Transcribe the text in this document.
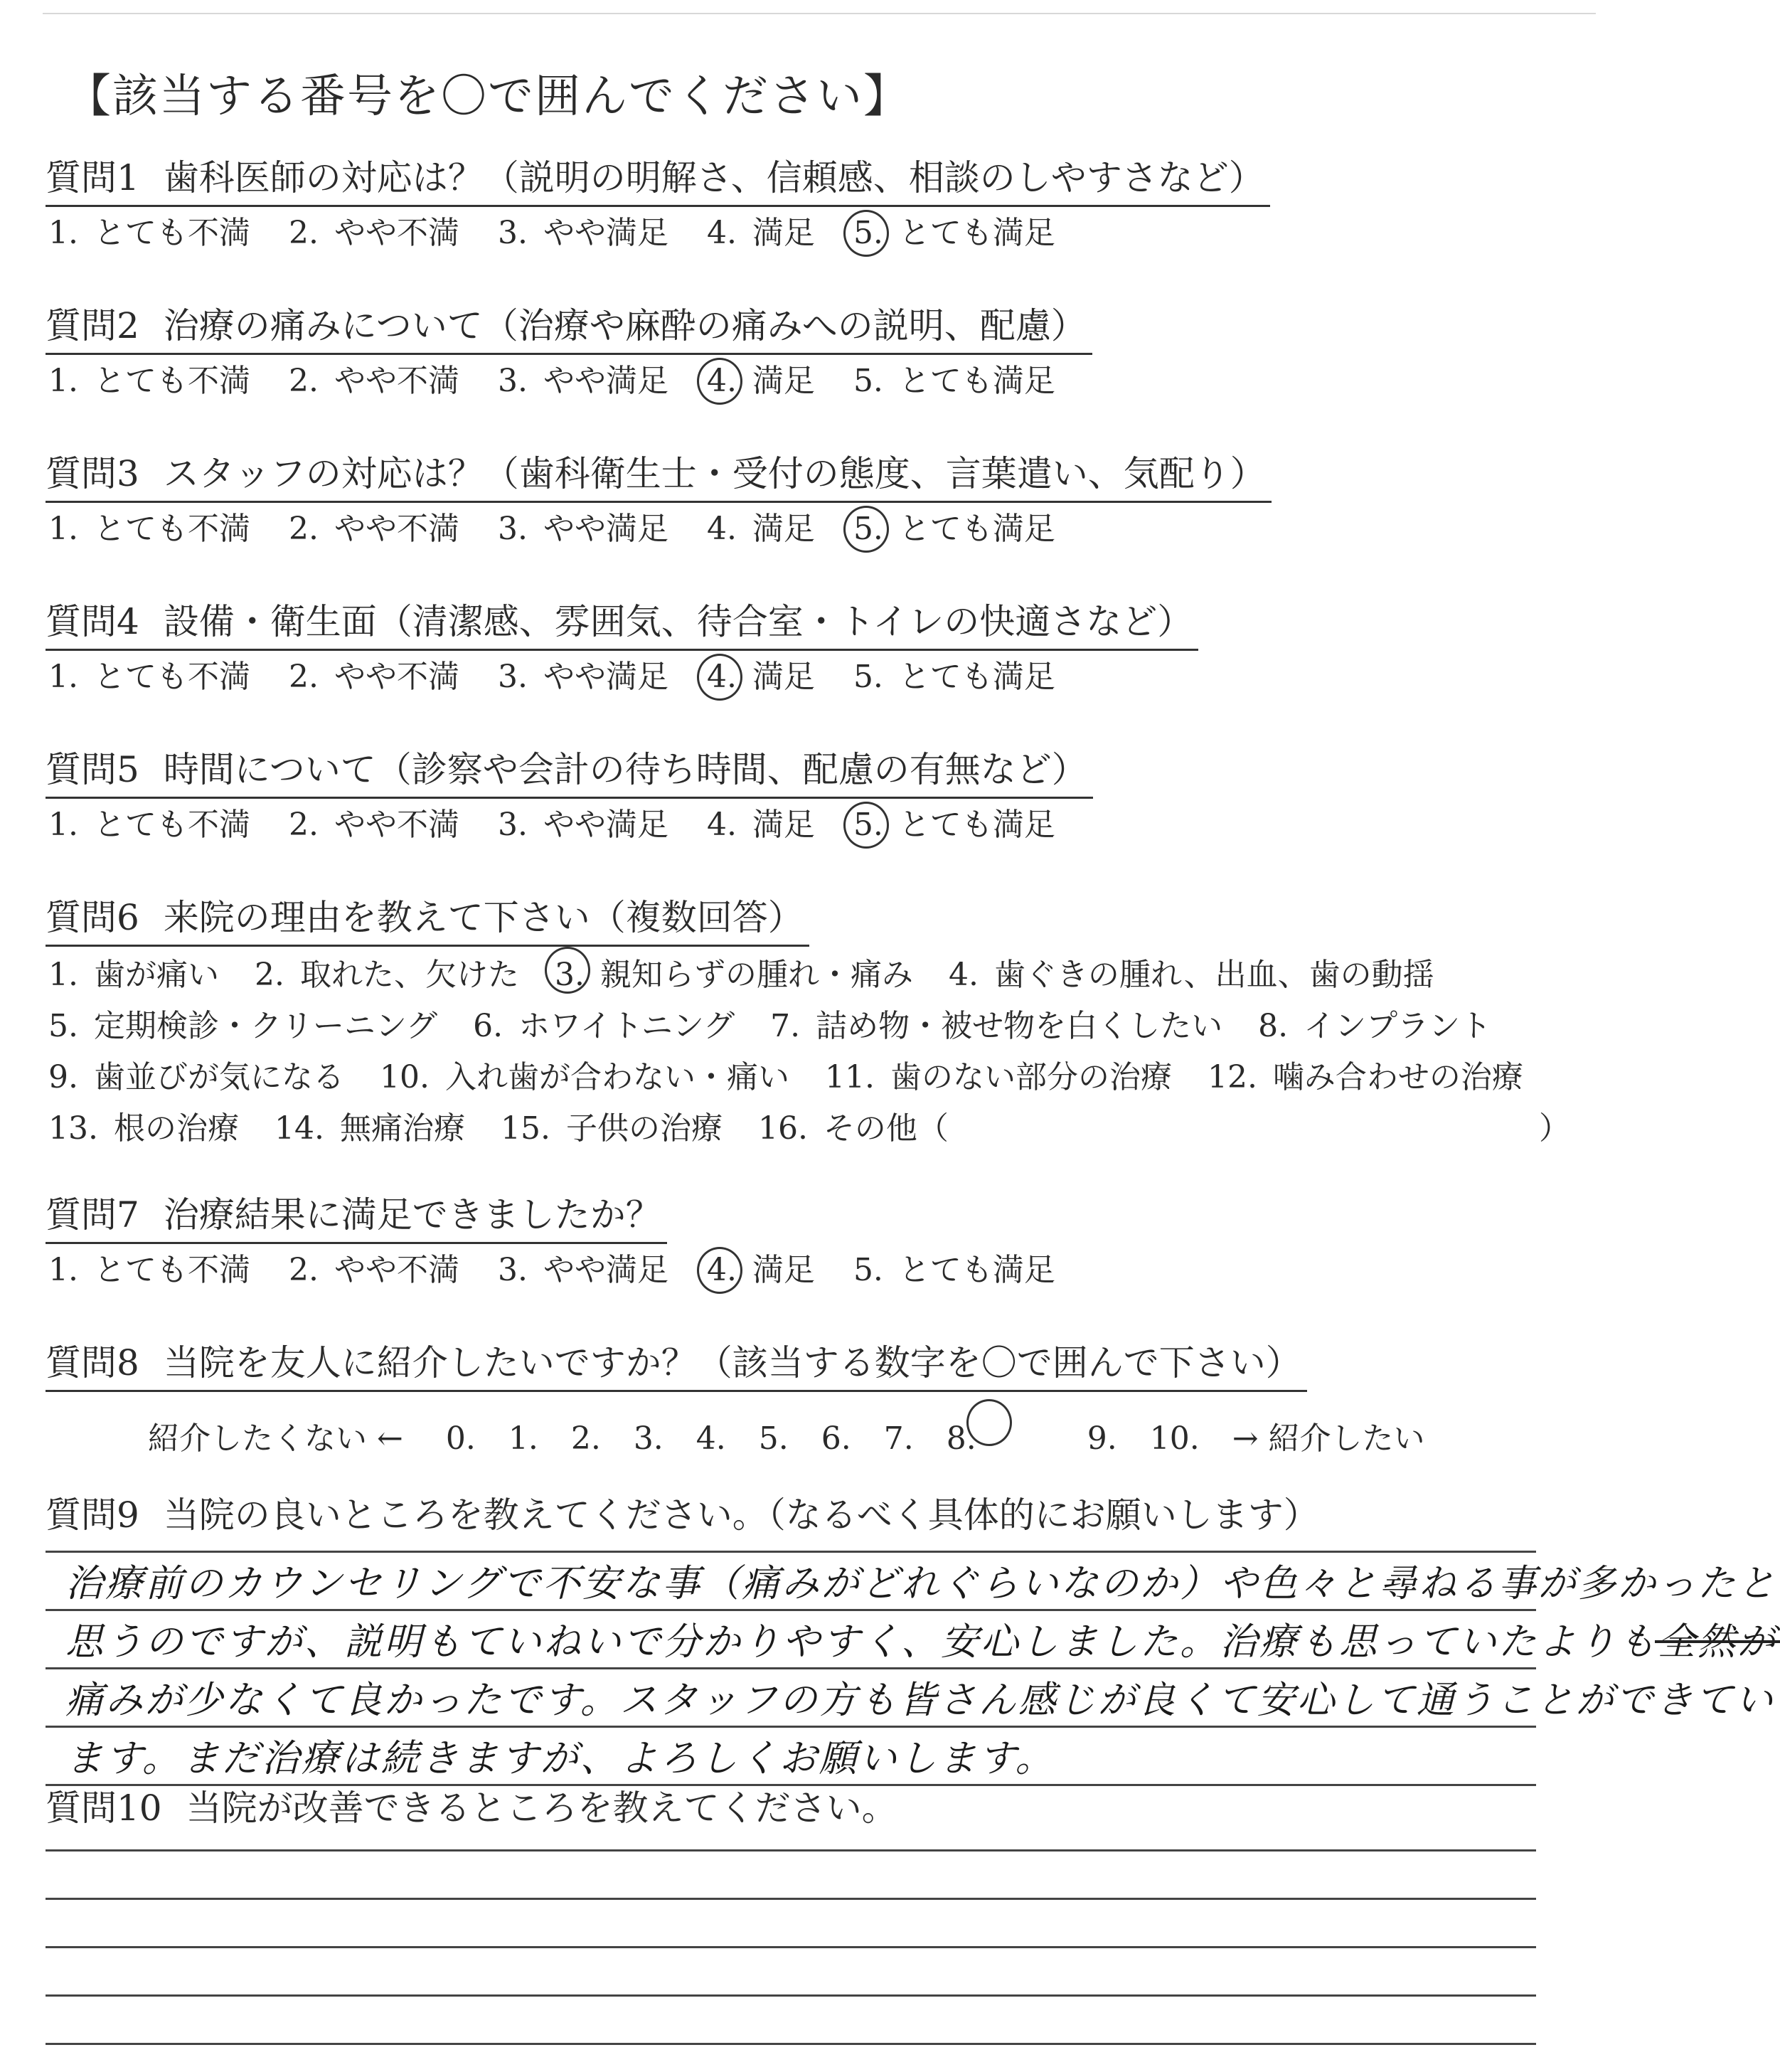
【該当する番号を〇で囲んでください】
質問1 歯科医師の対応は？（説明の明解さ、信頼感、相談のしやすさなど）
1. とても不満 2. やや不満 3. やや満足 4. 満足 5. とても満足
質問2 治療の痛みについて（治療や麻酔の痛みへの説明、配慮）
1. とても不満 2. やや不満 3. やや満足 4. 満足 5. とても満足
質問3 スタッフの対応は？（歯科衛生士・受付の態度、言葉遣い、気配り）
1. とても不満 2. やや不満 3. やや満足 4. 満足 5. とても満足
質問4 設備・衛生面（清潔感、雰囲気、待合室・トイレの快適さなど）
1. とても不満 2. やや不満 3. やや満足 4. 満足 5. とても満足
質問5 時間について（診察や会計の待ち時間、配慮の有無など）
1. とても不満 2. やや不満 3. やや満足 4. 満足 5. とても満足
質問6 来院の理由を教えて下さい（複数回答）
1. 歯が痛い 2. 取れた、欠けた 3. 親知らずの腫れ・痛み 4. 歯ぐきの腫れ、出血、歯の動揺
5. 定期検診・クリーニング 6. ホワイトニング 7. 詰め物・被せ物を白くしたい 8. インプラント
9. 歯並びが気になる 10. 入れ歯が合わない・痛い 11. 歯のない部分の治療 12. 噛み合わせの治療
13. 根の治療 14. 無痛治療 15. 子供の治療 16. その他（	）
質問7 治療結果に満足できましたか？
1. とても不満 2. やや不満 3. やや満足 4. 満足 5. とても満足
質問8 当院を友人に紹介したいですか？（該当する数字を〇で囲んで下さい）
紹介したくない ← 0. 1. 2. 3. 4. 5. 6. 7. 8.	9. 10. → 紹介したい
質問9 当院の良いところを教えてください。（なるべく具体的にお願いします）
治療前のカウンセリングで不安な事（痛みがどれぐらいなのか）や色々と尋ねる事が多かったと
思うのですが、説明もていねいで分かりやすく、安心しました。治療も思っていたよりも全然が
痛みが少なくて良かったです。スタッフの方も皆さん感じが良くて安心して通うことができてい
ます。まだ治療は続きますが、よろしくお願いします。
質問10 当院が改善できるところを教えてください。
